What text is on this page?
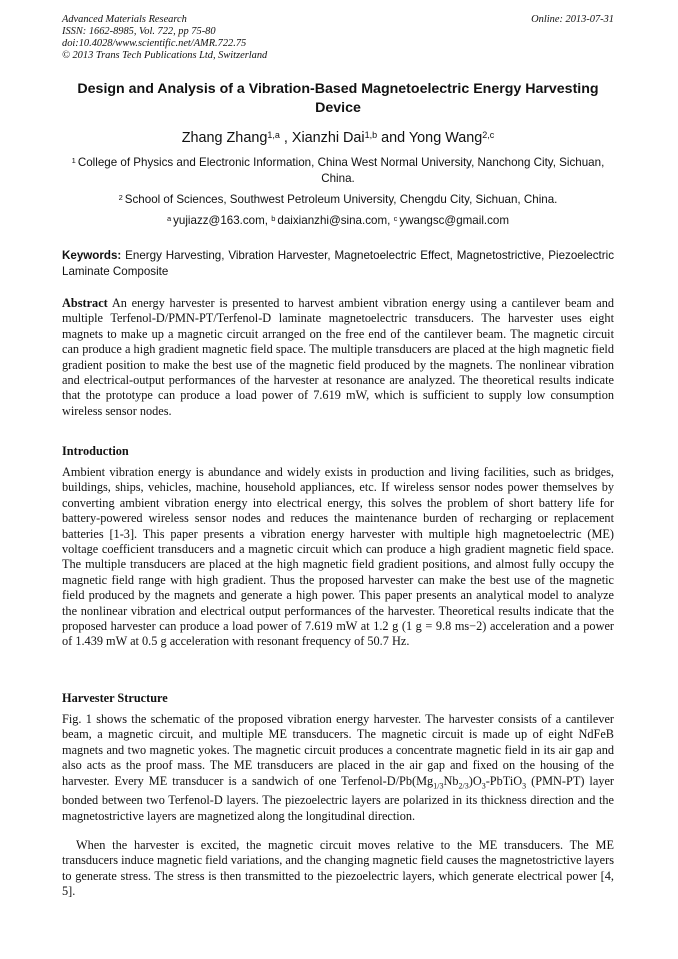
Advanced Materials Research
ISSN: 1662-8985, Vol. 722, pp 75-80
doi:10.4028/www.scientific.net/AMR.722.75
© 2013 Trans Tech Publications Ltd, Switzerland
Online: 2013-07-31
Design and Analysis of a Vibration-Based Magnetoelectric Energy Harvesting Device
Zhang Zhang$^{1,a}$ , Xianzhi Dai$^{1,b}$ and Yong Wang$^{2,c}$
$^1$ College of Physics and Electronic Information, China West Normal University, Nanchong City, Sichuan, China.
$^2$ School of Sciences, Southwest Petroleum University, Chengdu City, Sichuan, China.
$^a$ yujiazz@163.com, $^b$ daixianzhi@sina.com, $^c$ ywangsc@gmail.com
Keywords: Energy Harvesting, Vibration Harvester, Magnetoelectric Effect, Magnetostrictive, Piezoelectric Laminate Composite
Abstract An energy harvester is presented to harvest ambient vibration energy using a cantilever beam and multiple Terfenol-D/PMN-PT/Terfenol-D laminate magnetoelectric transducers. The harvester uses eight magnets to make up a magnetic circuit arranged on the free end of the cantilever beam. The magnetic circuit can produce a high gradient magnetic field space. The multiple transducers are placed at the high magnetic field gradient position to make the best use of the magnetic field produced by the magnets. The nonlinear vibration and electrical-output performances of the harvester at resonance are analyzed. The theoretical results indicate that the prototype can produce a load power of 7.619 mW, which is sufficient to supply low consumption wireless sensor nodes.
Introduction
Ambient vibration energy is abundance and widely exists in production and living facilities, such as bridges, buildings, ships, vehicles, machine, household appliances, etc. If wireless sensor nodes power themselves by converting ambient vibration energy into electrical energy, this solves the problem of short battery life for battery-powered wireless sensor nodes and reduces the maintenance burden of recharging or replacement batteries [1-3]. This paper presents a vibration energy harvester with multiple high magnetoelectric (ME) voltage coefficient transducers and a magnetic circuit which can produce a high gradient magnetic field space. The multiple transducers are placed at the high magnetic field gradient positions, and almost fully occupy the magnetic field range with high gradient. Thus the proposed harvester can make the best use of the magnetic field produced by the magnets and generate a high power. This paper presents an analytical model to analyze the nonlinear vibration and electrical output performances of the harvester. Theoretical results indicate that the proposed harvester can produce a load power of 7.619 mW at 1.2 g (1 g = 9.8 ms−2) acceleration and a power of 1.439 mW at 0.5 g acceleration with resonant frequency of 50.7 Hz.
Harvester Structure
Fig. 1 shows the schematic of the proposed vibration energy harvester. The harvester consists of a cantilever beam, a magnetic circuit, and multiple ME transducers. The magnetic circuit is made up of eight NdFeB magnets and two magnetic yokes. The magnetic circuit produces a concentrate magnetic field in its air gap and also acts as the proof mass. The ME transducers are placed in the air gap and fixed on the housing of the harvester. Every ME transducer is a sandwich of one Terfenol-$D/Pb(Mg_{1/3}Nb_{2/3})O_3-PbTiO_3$ (PMN-PT) layer bonded between two Terfenol-D layers. The piezoelectric layers are polarized in its thickness direction and the magnetostrictive layers are magnetized along the longitudinal direction.
When the harvester is excited, the magnetic circuit moves relative to the ME transducers. The ME transducers induce magnetic field variations, and the changing magnetic field causes the magnetostrictive layers to generate stress. The stress is then transmitted to the piezoelectric layers, which generate electrical power [4, 5].
